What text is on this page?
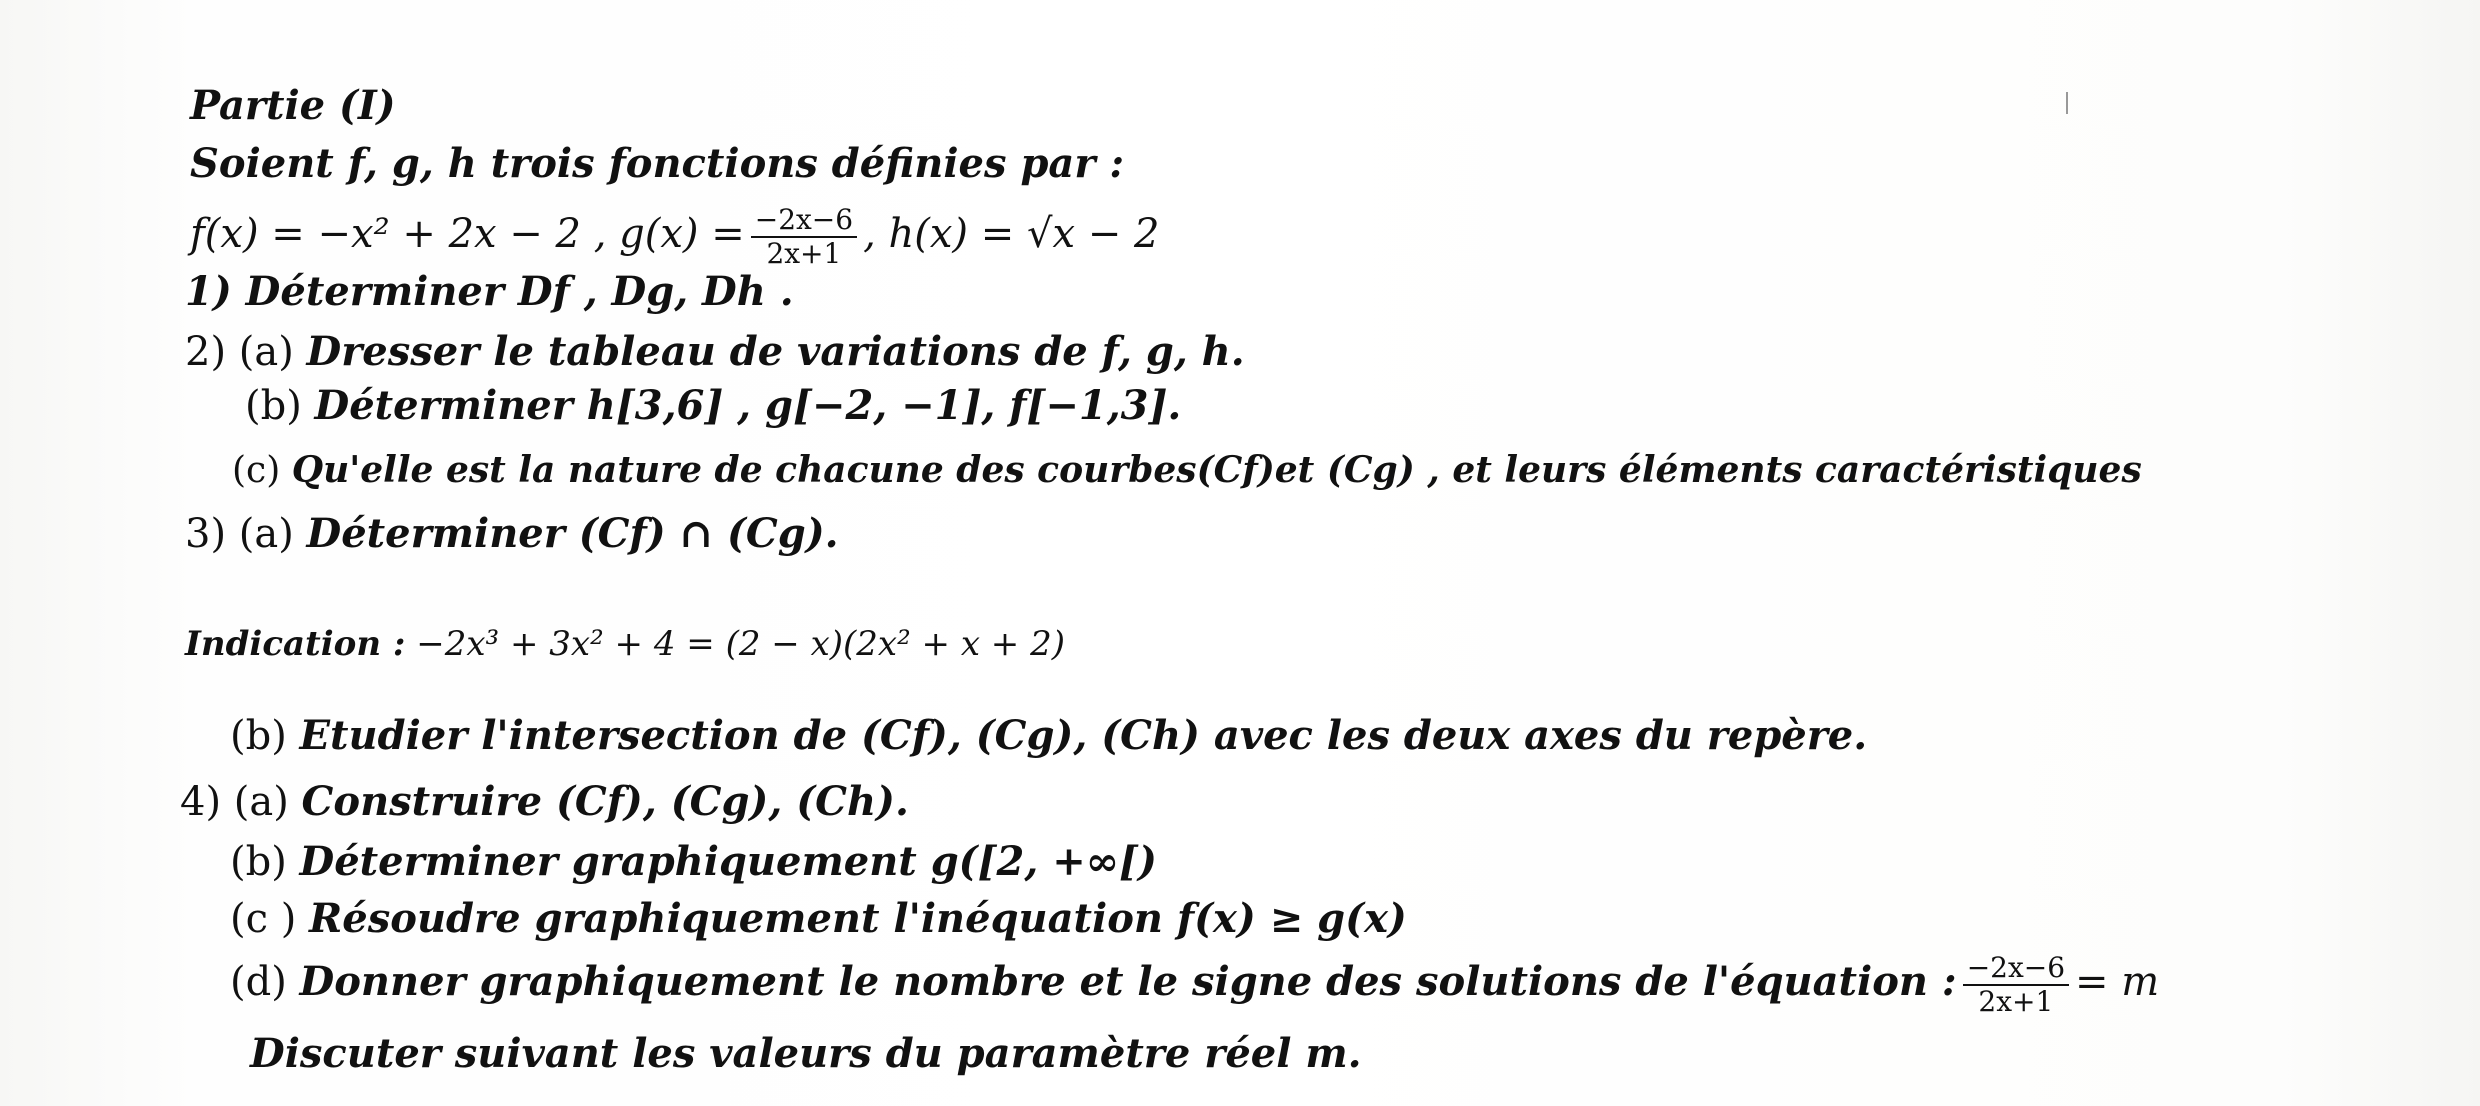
Partie (I)
Soient f, g, h trois fonctions définies par :
f(x) = −x² + 2x − 2 , $g(x) = \frac{-2x-6}{2x+1}$ , h(x) = √x − 2
1) Déterminer Df , Dg, Dh .
2) (a) Dresser le tableau de variations de f, g, h.
(b) Déterminer h[3,6] , g[−2, −1], f[−1,3].
(c) Qu'elle est la nature de chacune des courbes(Cf)et (Cg) , et leurs éléments caractéristiques
3) (a) Déterminer (Cf) ∩ (Cg).
Indication : −2x³ + 3x² + 4 = (2 − x)(2x² + x + 2)
(b) Etudier l'intersection de (Cf), (Cg), (Ch) avec les deux axes du repère.
4) (a) Construire (Cf), (Cg), (Ch).
(b) Déterminer graphiquement g([2, +∞[)
(c ) Résoudre graphiquement l'inéquation f(x) ≥ g(x)
(d) Donner graphiquement le nombre et le signe des solutions de l'équation : $\frac{-2x-6}{2x+1} = m$
Discuter suivant les valeurs du paramètre réel m.
